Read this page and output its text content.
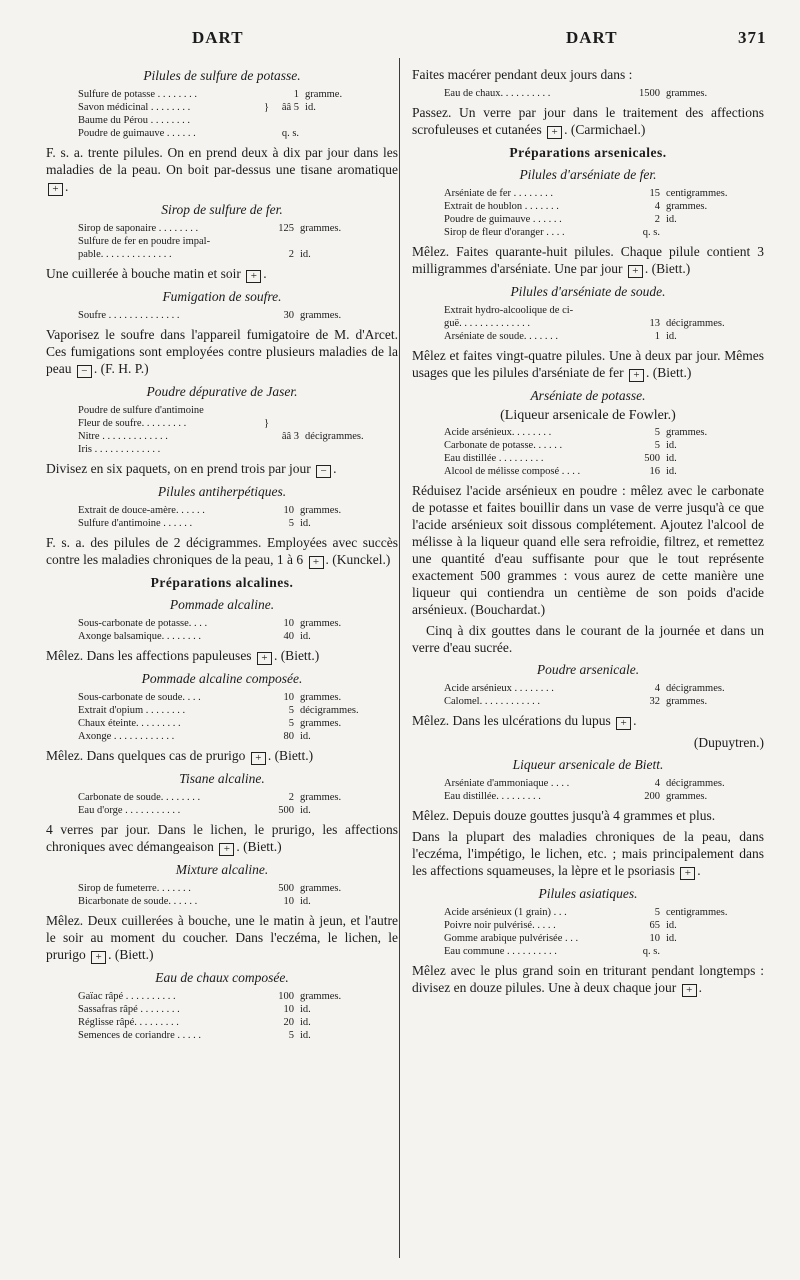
DART	DART	371
Pilules de sulfure de potasse.
Sulfure de potasse . . . . . . . .		1	gramme.
Savon médicinal . . . . . . . .	}	ââ 5	id.
Baume du Pérou . . . . . . . .			
Poudre de guimauve . . . . . .		q. s.	
F. s. a. trente pilules. On en prend deux à dix par jour dans les maladies de la peau. On boit par-dessus une tisane aromatique + .
Sirop de sulfure de fer.
Sirop de saponaire . . . . . . . .		125	grammes.
Sulfure de fer en poudre impal-			
pable. . . . . . . . . . . . . .		2	id.
Une cuillerée à bouche matin et soir + .
Fumigation de soufre.
Soufre . . . . . . . . . . . . . .		30	grammes.
Vaporisez le soufre dans l'appareil fumigatoire de M. d'Arcet. Ces fumigations sont employées contre plusieurs maladies de la peau − . (F. H. P.)
Poudre dépurative de Jaser.
Poudre de sulfure d'antimoine			
Fleur de soufre. . . . . . . . .	}		
Nitre . . . . . . . . . . . . .		ââ 3	décigrammes.
Iris . . . . . . . . . . . . .			
Divisez en six paquets, on en prend trois par jour − .
Pilules antiherpétiques.
Extrait de douce-amère. . . . . .		10	grammes.
Sulfure d'antimoine . . . . . .		5	id.
F. s. a. des pilules de 2 décigrammes. Employées avec succès contre les maladies chroniques de la peau, 1 à 6 + . (Kunckel.)
Préparations alcalines.
Pommade alcaline.
Sous-carbonate de potasse. . . .		10	grammes.
Axonge balsamique. . . . . . . .		40	id.
Mêlez. Dans les affections papuleuses + . (Biett.)
Pommade alcaline composée.
Sous-carbonate de soude. . . .		10	grammes.
Extrait d'opium . . . . . . . .		5	décigrammes.
Chaux éteinte. . . . . . . . .		5	grammes.
Axonge . . . . . . . . . . . .		80	id.
Mêlez. Dans quelques cas de prurigo + . (Biett.)
Tisane alcaline.
Carbonate de soude. . . . . . . .		2	grammes.
Eau d'orge . . . . . . . . . . .		500	id.
4 verres par jour. Dans le lichen, le prurigo, les affections chroniques avec démangeaison + . (Biett.)
Mixture alcaline.
Sirop de fumeterre. . . . . . .		500	grammes.
Bicarbonate de soude. . . . . .		10	id.
Mêlez. Deux cuillerées à bouche, une le matin à jeun, et l'autre le soir au moment du coucher. Dans l'eczéma, le lichen, le prurigo + . (Biett.)
Eau de chaux composée.
Gaïac râpé . . . . . . . . . .		100	grammes.
Sassafras râpé . . . . . . . .		10	id.
Réglisse râpé. . . . . . . . .		20	id.
Semences de coriandre . . . . .		5	id.
Faites macérer pendant deux jours dans :
Eau de chaux. . . . . . . . . .		1500	grammes.
Passez. Un verre par jour dans le traitement des affections scrofuleuses et cutanées + . (Carmichael.)
Préparations arsenicales.
Pilules d'arséniate de fer.
Arséniate de fer . . . . . . . .		15	centigrammes.
Extrait de houblon . . . . . . .		4	grammes.
Poudre de guimauve . . . . . .		2	id.
Sirop de fleur d'oranger . . . .		q. s.	
Mêlez. Faites quarante-huit pilules. Chaque pilule contient 3 milligrammes d'arséniate. Une par jour + . (Biett.)
Pilules d'arséniate de soude.
Extrait hydro-alcoolique de ci-			
guë. . . . . . . . . . . . . .		13	décigrammes.
Arséniate de soude. . . . . . .		1	id.
Mêlez et faites vingt-quatre pilules. Une à deux par jour. Mêmes usages que les pilules d'arséniate de fer + . (Biett.)
Arséniate de potasse.
(Liqueur arsenicale de Fowler.)
Acide arsénieux. . . . . . . .		5	grammes.
Carbonate de potasse. . . . . .		5	id.
Eau distillée . . . . . . . . .		500	id.
Alcool de mélisse composé . . . .		16	id.
Réduisez l'acide arsénieux en poudre : mêlez avec le carbonate de potasse et faites bouillir dans un vase de verre jusqu'à ce que l'acide arsénieux soit dissous complétement. Ajoutez l'alcool de mélisse à la liqueur quand elle sera refroidie, filtrez, et remettez une quantité d'eau suffisante pour que le tout représente exactement 500 grammes : vous aurez de cette manière une liqueur qui contiendra un centième de son poids d'acide arsénieux. (Bouchardat.)
Cinq à dix gouttes dans le courant de la journée et dans un verre d'eau sucrée.
Poudre arsenicale.
Acide arsénieux . . . . . . . .		4	décigrammes.
Calomel. . . . . . . . . . . .		32	grammes.
Mêlez. Dans les ulcérations du lupus + .
(Dupuytren.)
Liqueur arsenicale de Biett.
Arséniate d'ammoniaque . . . .		4	décigrammes.
Eau distillée. . . . . . . . .		200	grammes.
Mêlez. Depuis douze gouttes jusqu'à 4 grammes et plus.
Dans la plupart des maladies chroniques de la peau, dans l'eczéma, l'impétigo, le lichen, etc. ; mais principalement dans les affections squameuses, la lèpre et le psoriasis + .
Pilules asiatiques.
Acide arsénieux (1 grain) . . .		5	centigrammes.
Poivre noir pulvérisé. . . . .		65	id.
Gomme arabique pulvérisée . . .		10	id.
Eau commune . . . . . . . . . .		q. s.	
Mêlez avec le plus grand soin en triturant pendant longtemps : divisez en douze pilules. Une à deux chaque jour + .
